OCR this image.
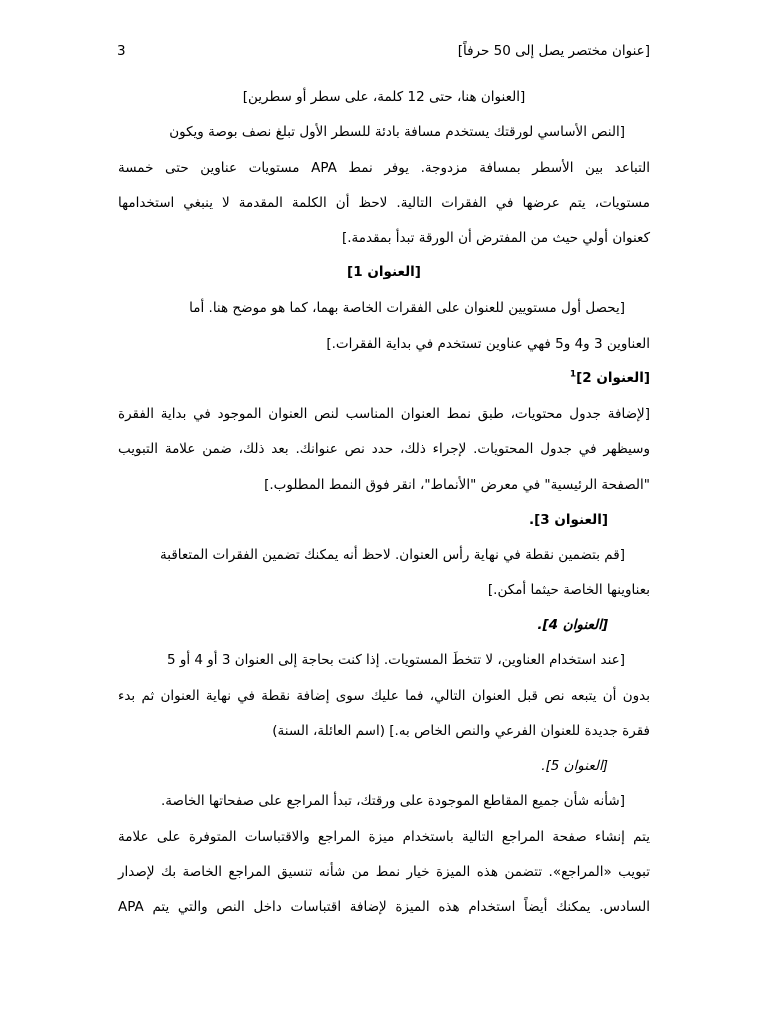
[عنوان مختصر يصل إلى 50 حرفاً]
3
[العنوان هنا، حتى 12 كلمة، على سطر أو سطرين]
[النص الأساسي لورقتك يستخدم مسافة بادئة للسطر الأول تبلغ نصف بوصة ويكون
التباعد بين الأسطر بمسافة مزدوجة. يوفر نمط APA مستويات عناوين حتى خمسة
مستويات، يتم عرضها في الفقرات التالية. لاحظ أن الكلمة المقدمة لا ينبغي استخدامها
كعنوان أولي حيث من المفترض أن الورقة تبدأ بمقدمة.]
[العنوان 1]
[يحصل أول مستويين للعنوان على الفقرات الخاصة بهما، كما هو موضح هنا. أما
العناوين 3 و4 و5 فهي عناوين تستخدم في بداية الفقرات.]
[العنوان 2]$^1$
[لإضافة جدول محتويات، طبق نمط العنوان المناسب لنص العنوان الموجود في بداية الفقرة
وسيظهر في جدول المحتويات. لإجراء ذلك، حدد نص عنوانك. بعد ذلك، ضمن علامة التبويب
"الصفحة الرئيسية" في معرض "الأنماط"، انقر فوق النمط المطلوب.]
[العنوان 3].
[قم بتضمين نقطة في نهاية رأس العنوان. لاحظ أنه يمكنك تضمين الفقرات المتعاقبة
بعناوينها الخاصة حيثما أمكن.]
[العنوان 4].
[عند استخدام العناوين، لا تتخطَ المستويات. إذا كنت بحاجة إلى العنوان 3 أو 4 أو 5
بدون أن يتبعه نص قبل العنوان التالي، فما عليك سوى إضافة نقطة في نهاية العنوان ثم بدء
فقرة جديدة للعنوان الفرعي والنص الخاص به.] (اسم العائلة، السنة)
[العنوان 5].
[شأنه شأن جميع المقاطع الموجودة على ورقتك، تبدأ المراجع على صفحاتها الخاصة.
يتم إنشاء صفحة المراجع التالية باستخدام ميزة المراجع والاقتباسات المتوفرة على علامة
تبويب «المراجع». تتضمن هذه الميزة خيار نمط من شأنه تنسيق المراجع الخاصة بك لإصدار
APA السادس. يمكنك أيضاً استخدام هذه الميزة لإضافة اقتباسات داخل النص والتي يتم
